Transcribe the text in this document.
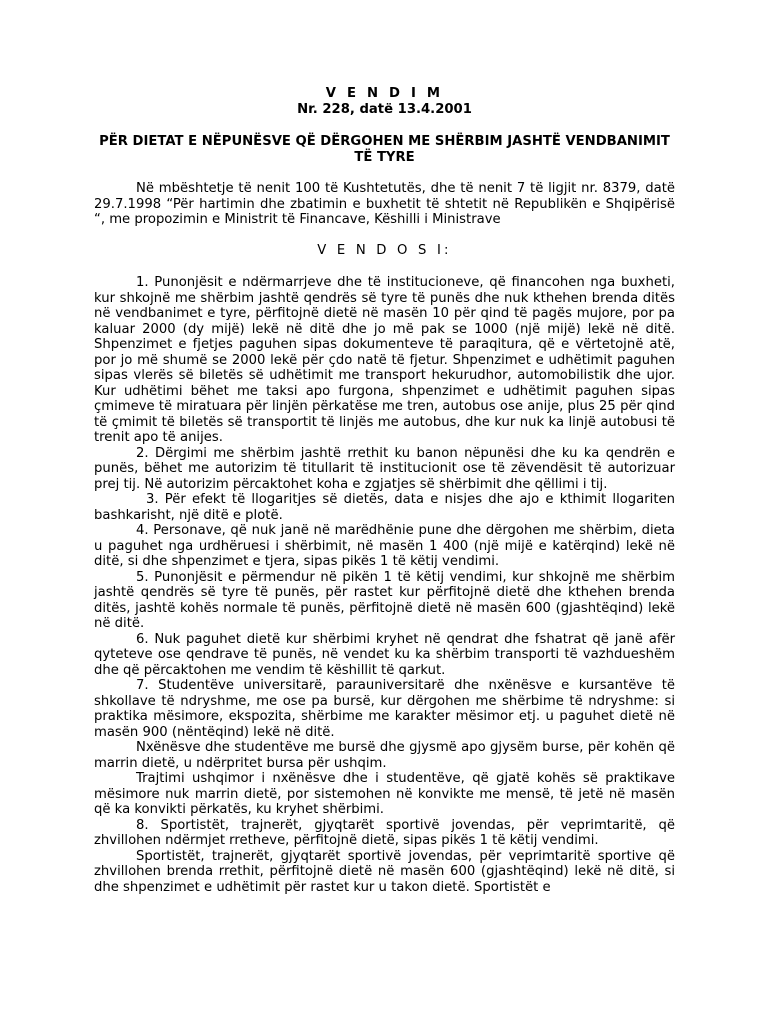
V E N D I M

Nr. 228, datë 13.4.2001

PËR DIETAT E NËPUNËSVE QË DËRGOHEN ME SHËRBIM JASHTË VENDBANIMIT TË TYRE

Në mbështetje të nenit 100 të Kushtetutës, dhe të nenit 7 të ligjit nr. 8379, datë 29.7.1998 “Për hartimin dhe zbatimin e buxhetit të shtetit në Republikën e Shqipërisë “, me propozimin e Ministrit të Financave, Këshilli i Ministrave

V E N D O S I:

1. Punonjësit e ndërmarrjeve dhe të institucioneve, që financohen nga buxheti, kur shkojnë me shërbim jashtë qendrës së tyre të punës dhe nuk kthehen brenda ditës në vendbanimet e tyre, përfitojnë dietë në masën 10 për qind të pagës mujore, por pa kaluar 2000 (dy mijë) lekë në ditë dhe jo më pak se 1000 (një mijë) lekë në ditë. Shpenzimet e fjetjes paguhen sipas dokumenteve të paraqitura, që e vërtetojnë atë, por jo më shumë se 2000 lekë për çdo natë të fjetur. Shpenzimet e udhëtimit paguhen sipas vlerës së biletës së udhëtimit me transport hekurudhor, automobilistik dhe ujor. Kur udhëtimi bëhet me taksi apo furgona, shpenzimet e udhëtimit paguhen sipas çmimeve të miratuara për linjën përkatëse me tren, autobus ose anije, plus 25 për qind të çmimit të biletës së transportit të linjës me autobus, dhe kur nuk ka linjë autobusi të trenit apo të anijes.

2. Dërgimi me shërbim jashtë rrethit ku banon nëpunësi dhe ku ka qendrën e punës, bëhet me autorizim të titullarit të institucionit ose të zëvendësit të autorizuar prej tij. Në autorizim përcaktohet koha e zgjatjes së shërbimit dhe qëllimi i tij.

3. Për efekt të llogaritjes së dietës, data e nisjes dhe ajo e kthimit llogariten bashkarisht, një ditë e plotë.

4. Personave, që nuk janë në marëdhënie pune dhe dërgohen me shërbim, dieta u paguhet nga urdhëruesi i shërbimit, në masën 1 400 (një mijë e katërqind) lekë në ditë, si dhe shpenzimet e tjera, sipas pikës 1 të këtij vendimi.

5. Punonjësit e përmendur në pikën 1 të këtij vendimi, kur shkojnë me shërbim jashtë qendrës së tyre të punës, për rastet kur përfitojnë dietë dhe kthehen brenda ditës, jashtë kohës normale të punës, përfitojnë dietë në masën 600 (gjashtëqind) lekë në ditë.

6. Nuk paguhet dietë kur shërbimi kryhet në qendrat dhe fshatrat që janë afër qyteteve ose qendrave të punës, në vendet ku ka shërbim transporti të vazhdueshëm dhe që përcaktohen me vendim të këshillit të qarkut.

7. Studentëve universitarë, parauniversitarë dhe nxënësve e kursantëve të shkollave të ndryshme, me ose pa bursë, kur dërgohen me shërbime të ndryshme: si praktika mësimore, ekspozita, shërbime me karakter mësimor etj. u paguhet dietë në masën 900 (nëntëqind) lekë në ditë.

Nxënësve dhe studentëve me bursë dhe gjysmë apo gjysëm burse, për kohën që marrin dietë, u ndërpritet bursa për ushqim.

Trajtimi ushqimor i nxënësve dhe i studentëve, që gjatë kohës së praktikave mësimore nuk marrin dietë, por sistemohen në konvikte me mensë, të jetë në masën që ka konvikti përkatës, ku kryhet shërbimi.

8. Sportistët, trajnerët, gjyqtarët sportivë jovendas, për veprimtaritë, që zhvillohen ndërmjet rretheve, përfitojnë dietë, sipas pikës 1 të këtij vendimi.

Sportistët, trajnerët, gjyqtarët sportivë jovendas, për veprimtaritë sportive që zhvillohen brenda rrethit, përfitojnë dietë në masën 600 (gjashtëqind) lekë në ditë, si dhe shpenzimet e udhëtimit për rastet kur u takon dietë. Sportistët e
